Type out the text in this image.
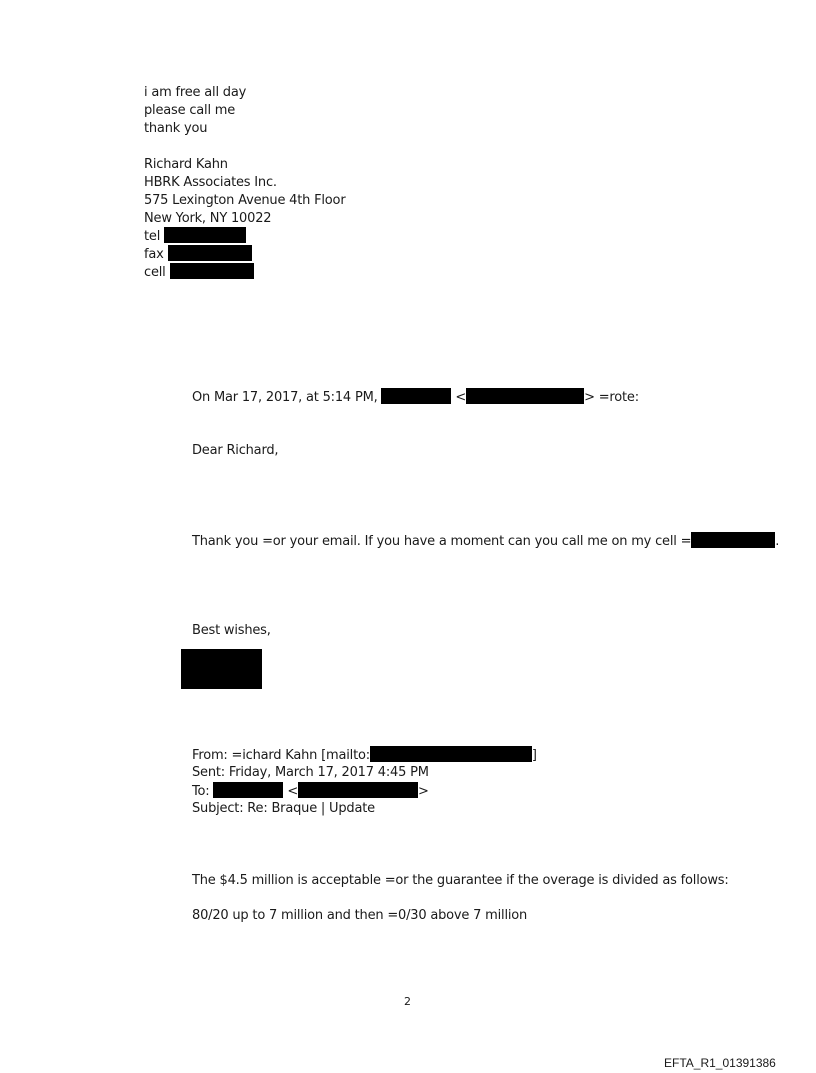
i am free all day
please call me
thank you
Richard Kahn
HBRK Associates Inc.
575 Lexington Avenue 4th Floor
New York, NY 10022
tel
fax
cell
On Mar 17, 2017, at 5:14 PM,	<	> =rote:
Dear Richard,
Thank you =or your email. If you have a moment can you call me on my cell =	.
Best wishes,
From: =ichard Kahn [mailto:	]
Sent: Friday, March 17, 2017 4:45 PM
To:	<	>
Subject: Re: Braque | Update
The $4.5 million is acceptable =or the guarantee if the overage is divided as follows:
80/20 up to 7 million and then =0/30 above 7 million
2
EFTA_R1_01391386
